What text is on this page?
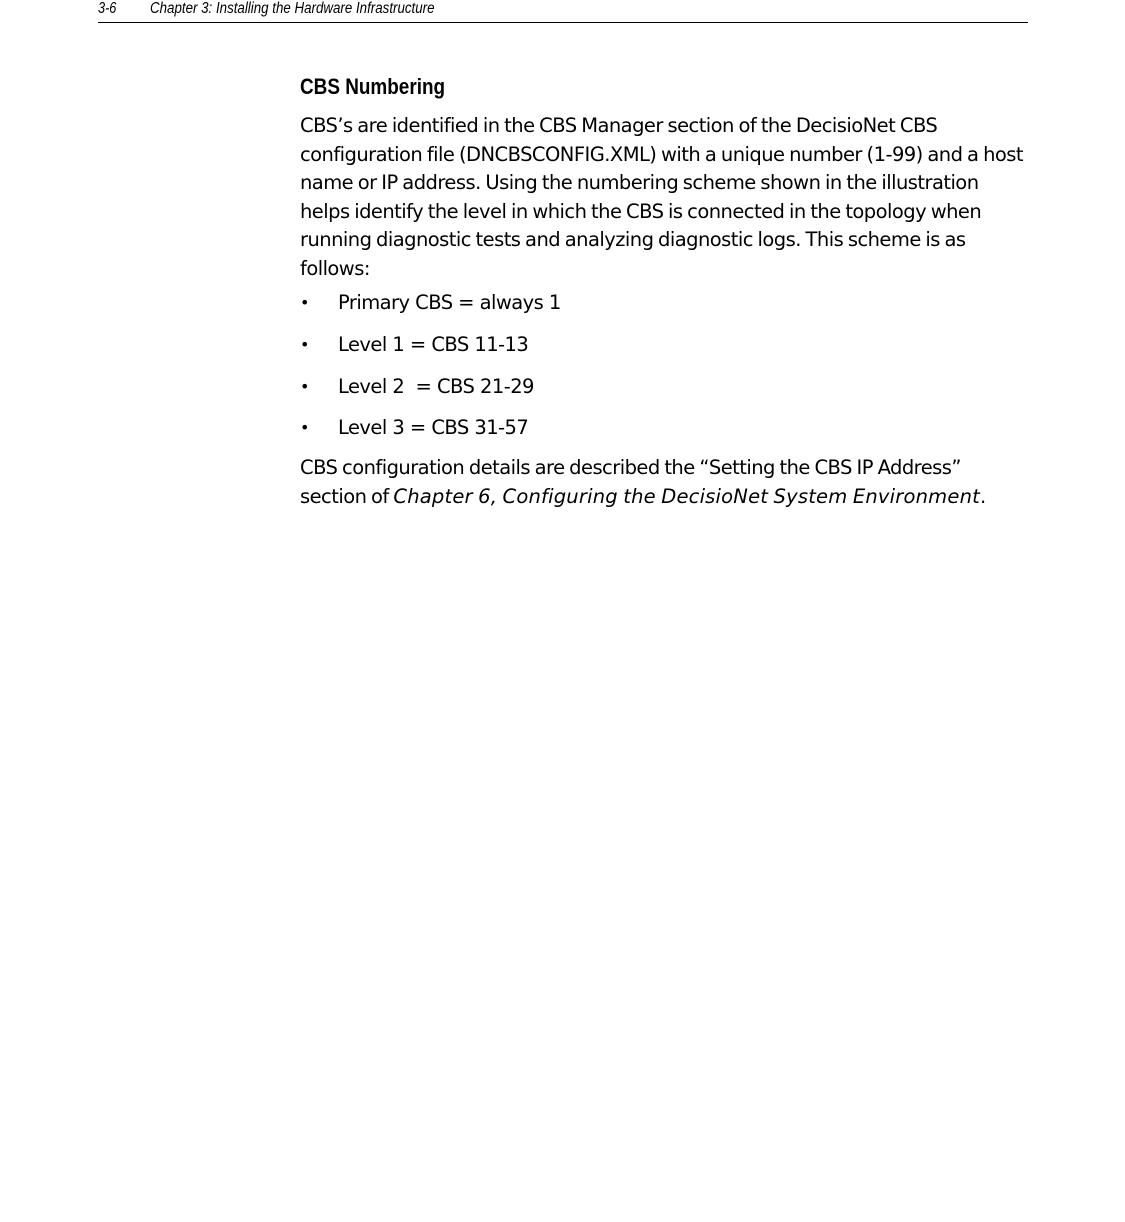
3-6 Chapter 3: Installing the Hardware Infrastructure
CBS Numbering

CBS’s are identified in the CBS Manager section of the DecisioNet CBS configuration file (DNCBSCONFIG.XML) with a unique number (1-99) and a host name or IP address. Using the numbering scheme shown in the illustration helps identify the level in which the CBS is connected in the topology when running diagnostic tests and analyzing diagnostic logs. This scheme is as follows:

• Primary CBS = always 1
• Level 1 = CBS 11-13
• Level 2  = CBS 21-29
• Level 3 = CBS 31-57

CBS configuration details are described the “Setting the CBS IP Address” section of Chapter 6, Configuring the DecisioNet System Environment.
